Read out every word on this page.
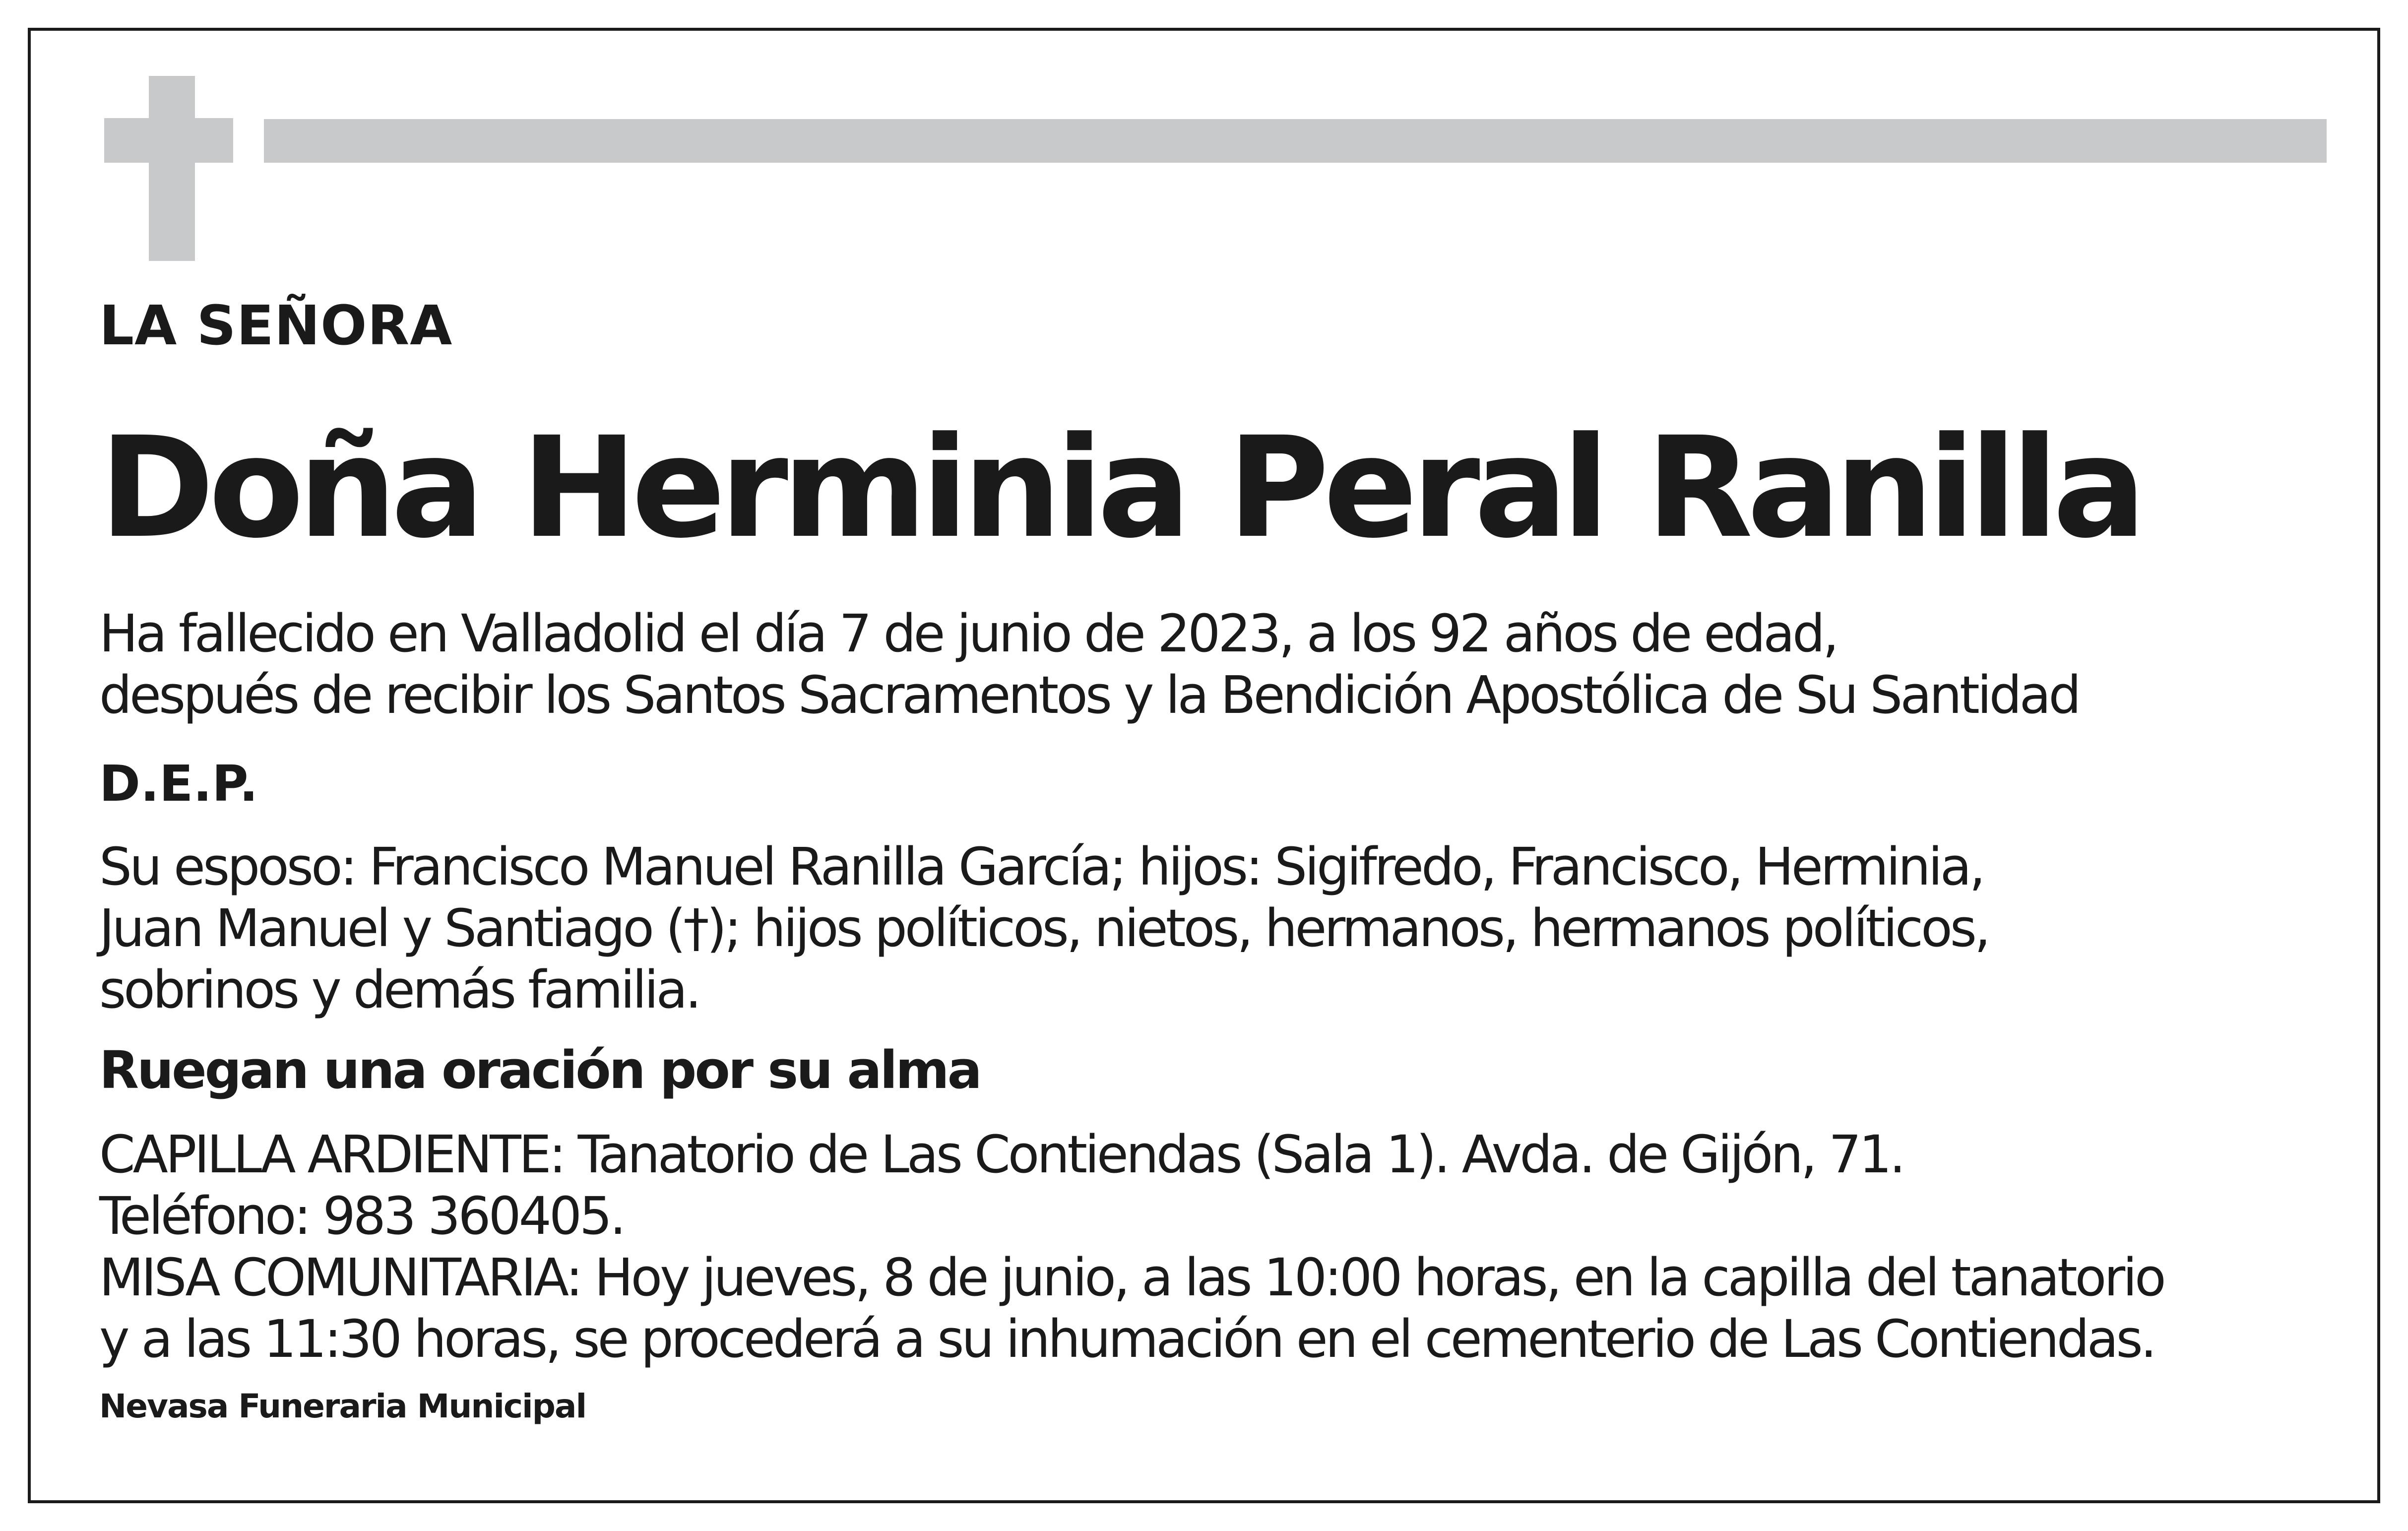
LA SEÑORA

Doña Herminia Peral Ranilla

Ha fallecido en Valladolid el día 7 de junio de 2023, a los 92 años de edad,
después de recibir los Santos Sacramentos y la Bendición Apostólica de Su Santidad

D.E.P.

Su esposo: Francisco Manuel Ranilla García; hijos: Sigifredo, Francisco, Herminia,
Juan Manuel y Santiago (†); hijos políticos, nietos, hermanos, hermanos políticos,
sobrinos y demás familia.

Ruegan una oración por su alma

CAPILLA ARDIENTE: Tanatorio de Las Contiendas (Sala 1). Avda. de Gijón, 71.
Teléfono: 983 360405.
MISA COMUNITARIA: Hoy jueves, 8 de junio, a las 10:00 horas, en la capilla del tanatorio
y a las 11:30 horas, se procederá a su inhumación en el cementerio de Las Contiendas.

Nevasa Funeraria Municipal
